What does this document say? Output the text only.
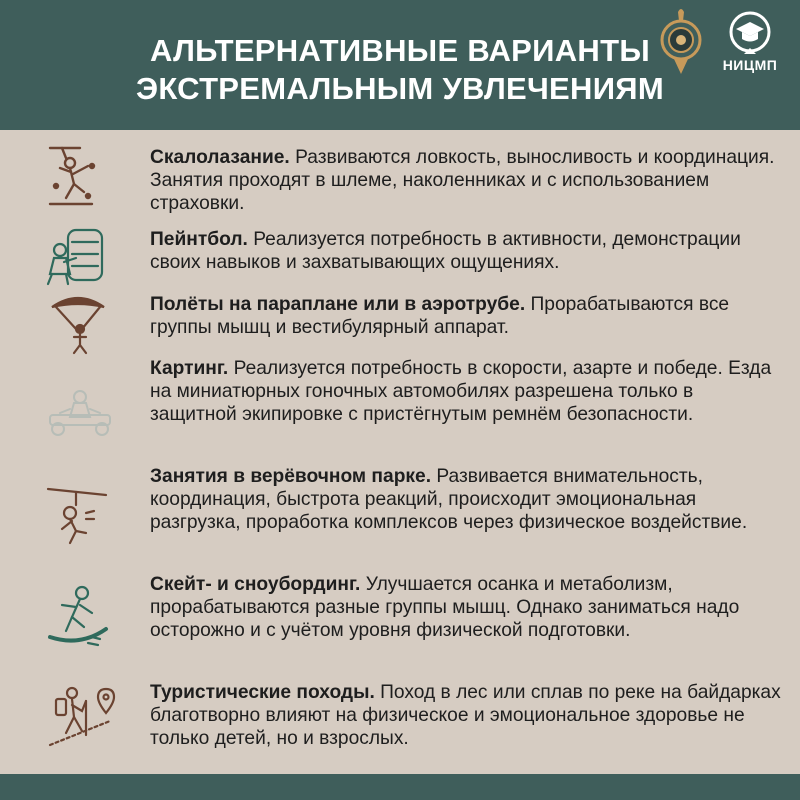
АЛЬТЕРНАТИВНЫЕ ВАРИАНТЫ
ЭКСТРЕМАЛЬНЫМ УВЛЕЧЕНИЯМ
НИЦМП
Скалолазание. Развиваются ловкость, выносливость и координация. Занятия проходят в шлеме, наколенниках и с использованием страховки.
Пейнтбол. Реализуется потребность в активности, демонстрации своих навыков и захватывающих ощущениях.
Полёты на параплане или в аэротрубе. Прорабатываются все группы мышц и вестибулярный аппарат.
Картинг. Реализуется потребность в скорости, азарте и победе. Езда на миниатюрных гоночных автомобилях разрешена только в защитной экипировке с пристёгнутым ремнём безопасности.
Занятия в верёвочном парке. Развивается внимательность, координация, быстрота реакций, происходит эмоциональная разгрузка, проработка комплексов через физическое воздействие.
Скейт- и сноубординг. Улучшается осанка и метаболизм, прорабатываются разные группы мышц. Однако заниматься надо осторожно и с учётом уровня физической подготовки.
Туристические походы. Поход в лес или сплав по реке на байдарках благотворно влияют на физическое и эмоциональное здоровье не только детей, но и взрослых.
